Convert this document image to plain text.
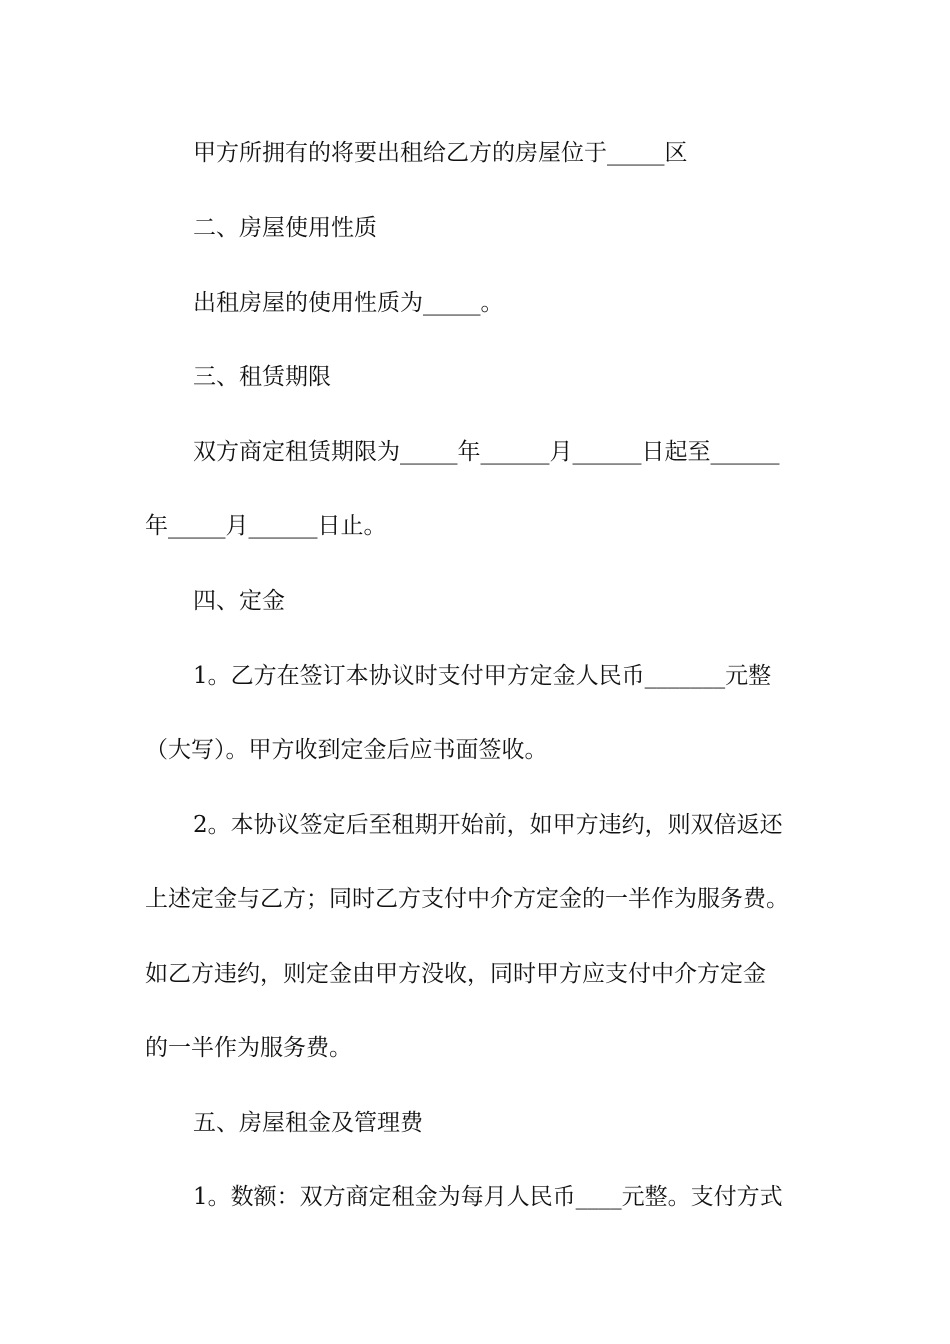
甲方所拥有的将要出租给乙方的房屋位于_____区
二、房屋使用性质
出租房屋的使用性质为_____。
三、租赁期限
双方商定租赁期限为_____年______月______日起至______
年_____月______日止。
四、定金
1。乙方在签订本协议时支付甲方定金人民币_______元整
（大写）。甲方收到定金后应书面签收。
2。本协议签定后至租期开始前，如甲方违约，则双倍返还
上述定金与乙方；同时乙方支付中介方定金的一半作为服务费。
如乙方违约，则定金由甲方没收，同时甲方应支付中介方定金
的一半作为服务费。
五、房屋租金及管理费
1。数额：双方商定租金为每月人民币____元整。支付方式
